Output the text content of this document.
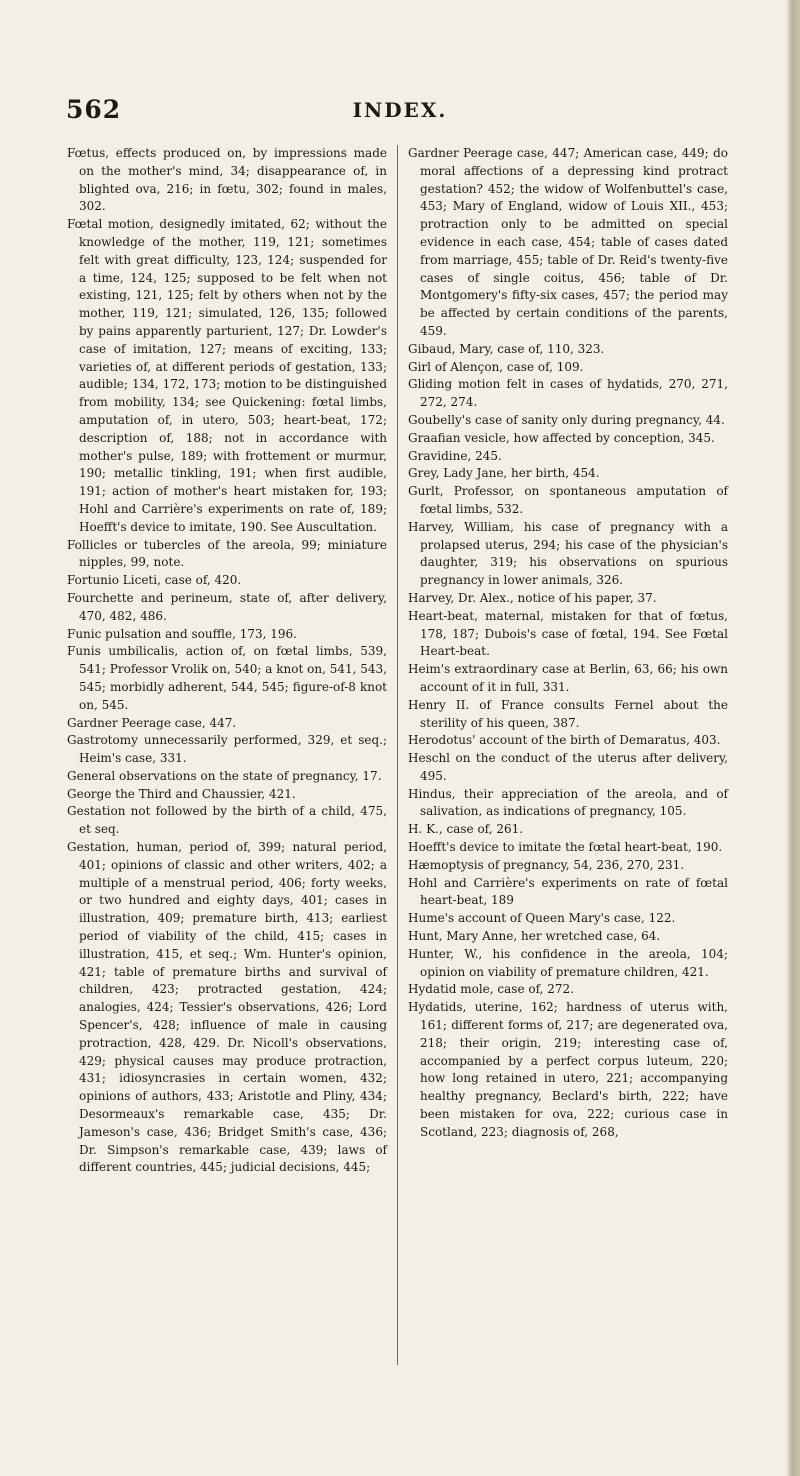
562	INDEX.

Fœtus, effects produced on, by impressions made on the mother's mind, 34; disappearance of, in blighted ova, 216; in fœtu, 302; found in males, 302.

Fœtal motion, designedly imitated, 62; without the knowledge of the mother, 119, 121; sometimes felt with great difficulty, 123, 124; suspended for a time, 124, 125; supposed to be felt when not existing, 121, 125; felt by others when not by the mother, 119, 121; simulated, 126, 135; followed by pains apparently parturient, 127; Dr. Lowder's case of imitation, 127; means of exciting, 133; varieties of, at different periods of gestation, 133; audible; 134, 172, 173; motion to be distinguished from mobility, 134; see Quickening: fœtal limbs, amputation of, in utero, 503; heart-beat, 172; description of, 188; not in accordance with mother's pulse, 189; with frottement or murmur, 190; metallic tinkling, 191; when first audible, 191; action of mother's heart mistaken for, 193; Hohl and Carrière's experiments on rate of, 189; Hoefft's device to imitate, 190. See Auscultation.

Follicles or tubercles of the areola, 99; miniature nipples, 99, note.

Fortunio Liceti, case of, 420.

Fourchette and perineum, state of, after delivery, 470, 482, 486.

Funic pulsation and souffle, 173, 196.

Funis umbilicalis, action of, on fœtal limbs, 539, 541; Professor Vrolik on, 540; a knot on, 541, 543, 545; morbidly adherent, 544, 545; figure-of-8 knot on, 545.

Gardner Peerage case, 447.

Gastrotomy unnecessarily performed, 329, et seq.; Heim's case, 331.

General observations on the state of pregnancy, 17.

George the Third and Chaussier, 421.

Gestation not followed by the birth of a child, 475, et seq.

Gestation, human, period of, 399; natural period, 401; opinions of classic and other writers, 402; a multiple of a menstrual period, 406; forty weeks, or two hundred and eighty days, 401; cases in illustration, 409; premature birth, 413; earliest period of viability of the child, 415; cases in illustration, 415, et seq.; Wm. Hunter's opinion, 421; table of premature births and survival of children, 423; protracted gestation, 424; analogies, 424; Tessier's observations, 426; Lord Spencer's, 428; influence of male in causing protraction, 428, 429. Dr. Nicoll's observations, 429; physical causes may produce protraction, 431; idiosyncrasies in certain women, 432; opinions of authors, 433; Aristotle and Pliny, 434; Desormeaux's remarkable case, 435; Dr. Jameson's case, 436; Bridget Smith's case, 436; Dr. Simpson's remarkable case, 439; laws of different countries, 445; judicial decisions, 445;

Gardner Peerage case, 447; American case, 449; do moral affections of a depressing kind protract gestation? 452; the widow of Wolfenbuttel's case, 453; Mary of England, widow of Louis XII., 453; protraction only to be admitted on special evidence in each case, 454; table of cases dated from marriage, 455; table of Dr. Reid's twenty-five cases of single coitus, 456; table of Dr. Montgomery's fifty-six cases, 457; the period may be affected by certain conditions of the parents, 459.

Gibaud, Mary, case of, 110, 323.

Girl of Alençon, case of, 109.

Gliding motion felt in cases of hydatids, 270, 271, 272, 274.

Goubelly's case of sanity only during pregnancy, 44.

Graafian vesicle, how affected by conception, 345.

Gravidine, 245.

Grey, Lady Jane, her birth, 454.

Gurlt, Professor, on spontaneous amputation of fœtal limbs, 532.

Harvey, William, his case of pregnancy with a prolapsed uterus, 294; his case of the physician's daughter, 319; his observations on spurious pregnancy in lower animals, 326.

Harvey, Dr. Alex., notice of his paper, 37.

Heart-beat, maternal, mistaken for that of fœtus, 178, 187; Dubois's case of fœtal, 194. See Fœtal Heart-beat.

Heim's extraordinary case at Berlin, 63, 66; his own account of it in full, 331.

Henry II. of France consults Fernel about the sterility of his queen, 387.

Herodotus' account of the birth of Demaratus, 403.

Heschl on the conduct of the uterus after delivery, 495.

Hindus, their appreciation of the areola, and of salivation, as indications of pregnancy, 105.

H. K., case of, 261.

Hoefft's device to imitate the fœtal heart-beat, 190.

Hæmoptysis of pregnancy, 54, 236, 270, 231.

Hohl and Carrière's experiments on rate of fœtal heart-beat, 189

Hume's account of Queen Mary's case, 122.

Hunt, Mary Anne, her wretched case, 64.

Hunter, W., his confidence in the areola, 104; opinion on viability of premature children, 421.

Hydatid mole, case of, 272.

Hydatids, uterine, 162; hardness of uterus with, 161; different forms of, 217; are degenerated ova, 218; their origin, 219; interesting case of, accompanied by a perfect corpus luteum, 220; how long retained in utero, 221; accompanying healthy pregnancy, Beclard's birth, 222; have been mistaken for ova, 222; curious case in Scotland, 223; diagnosis of, 268,
